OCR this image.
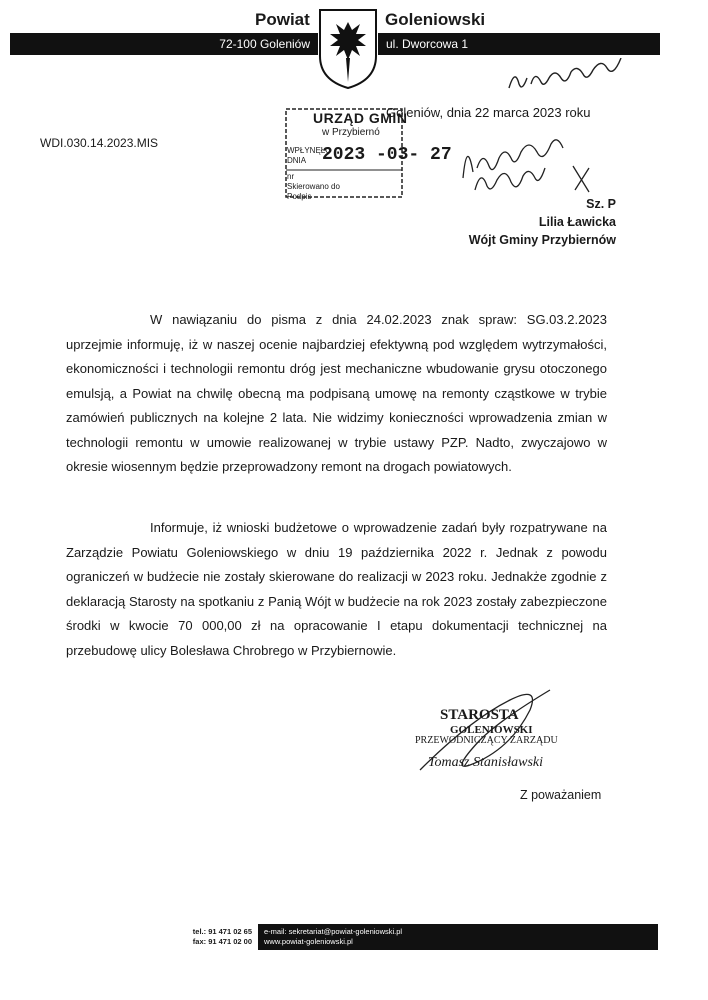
Powiat	Goleniowski
72-100 Goleniów	ul. Dworcowa 1
URZĄD GMIN
w Przybiernó
WPŁYNĘŁO DNIA 2023 -03- 27
nr
Skierowano do
Podpis
Goleniów, dnia 22 marca 2023 roku
WDI.030.14.2023.MIS
Sz. P
Lilia Ławicka
Wójt Gminy Przybiernów

W nawiązaniu do pisma z dnia 24.02.2023 znak spraw: SG.03.2.2023 uprzejmie informuję, iż w naszej ocenie najbardziej efektywną pod względem wytrzymałości, ekonomiczności i technologii remontu dróg jest mechaniczne wbudowanie grysu otoczonego emulsją, a Powiat na chwilę obecną ma podpisaną umowę na remonty cząstkowe w trybie zamówień publicznych na kolejne 2 lata. Nie widzimy konieczności wprowadzenia zmian w technologii remontu w umowie realizowanej w trybie ustawy PZP. Nadto, zwyczajowo w okresie wiosennym będzie przeprowadzony remont na drogach powiatowych.

Informuje, iż wnioski budżetowe o wprowadzenie zadań były rozpatrywane na Zarządzie Powiatu Goleniowskiego w dniu 19 października 2022 r. Jednak z powodu ograniczeń w budżecie nie zostały skierowane do realizacji w 2023 roku. Jednakże zgodnie z deklaracją Starosty na spotkaniu z Panią Wójt w budżecie na rok 2023 zostały zabezpieczone środki w kwocie 70 000,00 zł na opracowanie I etapu dokumentacji technicznej na przebudowę ulicy Bolesława Chrobrego w Przybiernowie.

STAROSTA
GOLENIOWSKI
PRZEWODNICZĄCY ZARZĄDU
Tomasz Stanisławski
Z poważaniem
tel.: 91 471 02 65
fax: 91 471 02 00
e-mail: sekretariat@powiat-goleniowski.pl
www.powiat-goleniowski.pl
